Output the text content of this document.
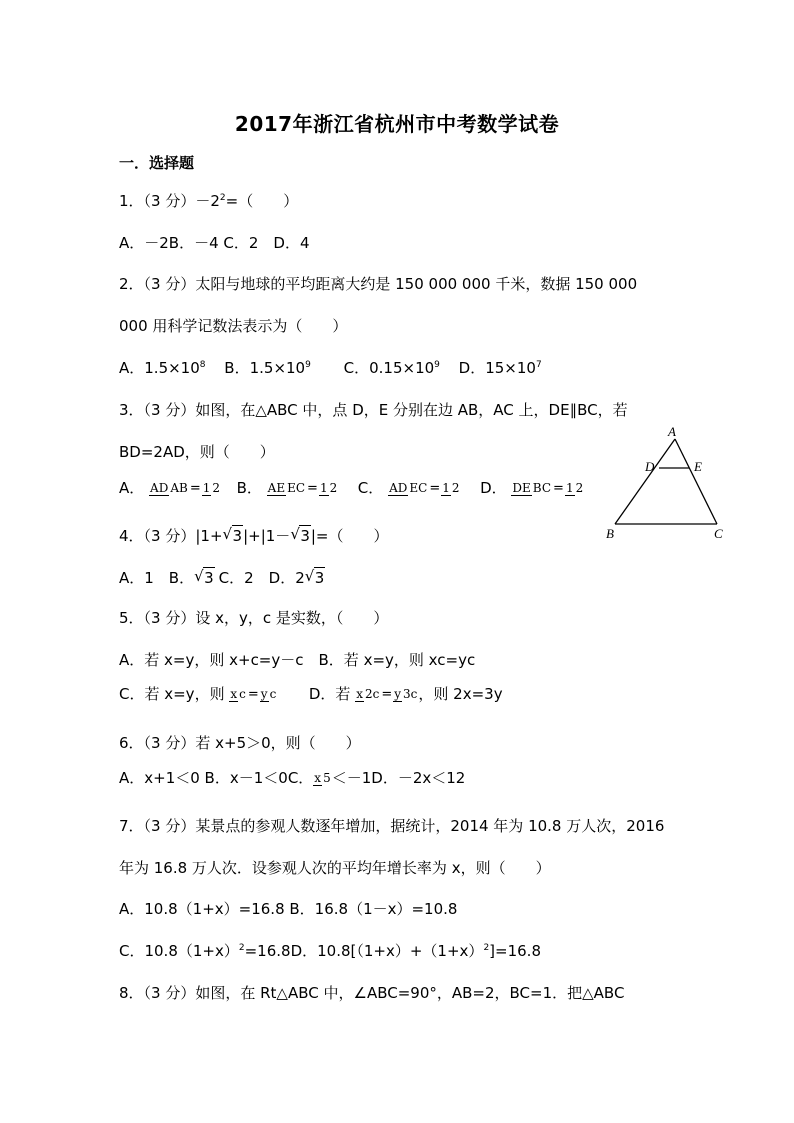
2017年浙江省杭州市中考数学试卷
一．选择题
1．（3 分）$-2^2=$（　　）
A．－2B．－4 C．2　D．4
2．（3 分）太阳与地球的平均距离大约是 150 000 000 千米，数据 150 000
000 用科学记数法表示为（　　）
A．$1.5\times 10^8$ B．$1.5\times 10^9$ C．$0.15\times 10^9$ D．$15\times 10^7$
3．（3 分）如图，在△ABC 中，点 D，E 分别在边 AB，AC 上，DE∥BC，若
BD=2AD，则（　　）
A． AD AB = 1 2 B． AE EC = 1 2 C． AD EC = 1 2 D． DE BC = 1 2
A
D	E
B	C
4．（3 分）|1+ √ 3|+|1－ √ 3|=（　　）
A．1　B． √ 3 C．2　D．2 √ 3
5．（3 分）设 x，y，c 是实数，（　　）
A．若 x=y，则 x+c=y－c　B．若 x=y，则 xc=yc
C．若 x=y，则 x c = y c D．若 x 2c = y 3c，则 2x=3y
6．（3 分）若 x+5＞0，则（　　）
A．x+1＜0 B．x－1＜0C．x 5＜－1D．－2x＜12
7．（3 分）某景点的参观人数逐年增加，据统计，2014 年为 10.8 万人次，2016
年为 16.8 万人次．设参观人次的平均年增长率为 x，则（　　）
A．10.8（1+x）=16.8 B．16.8（1－x）=10.8
C．$10.8(1+x)^2=16.8D$．$10.8[(1+x)+(1+x)^2]=16.8$
8．（3 分）如图，在 Rt△ABC 中，∠ABC=90°，AB=2，BC=1．把△ABC
